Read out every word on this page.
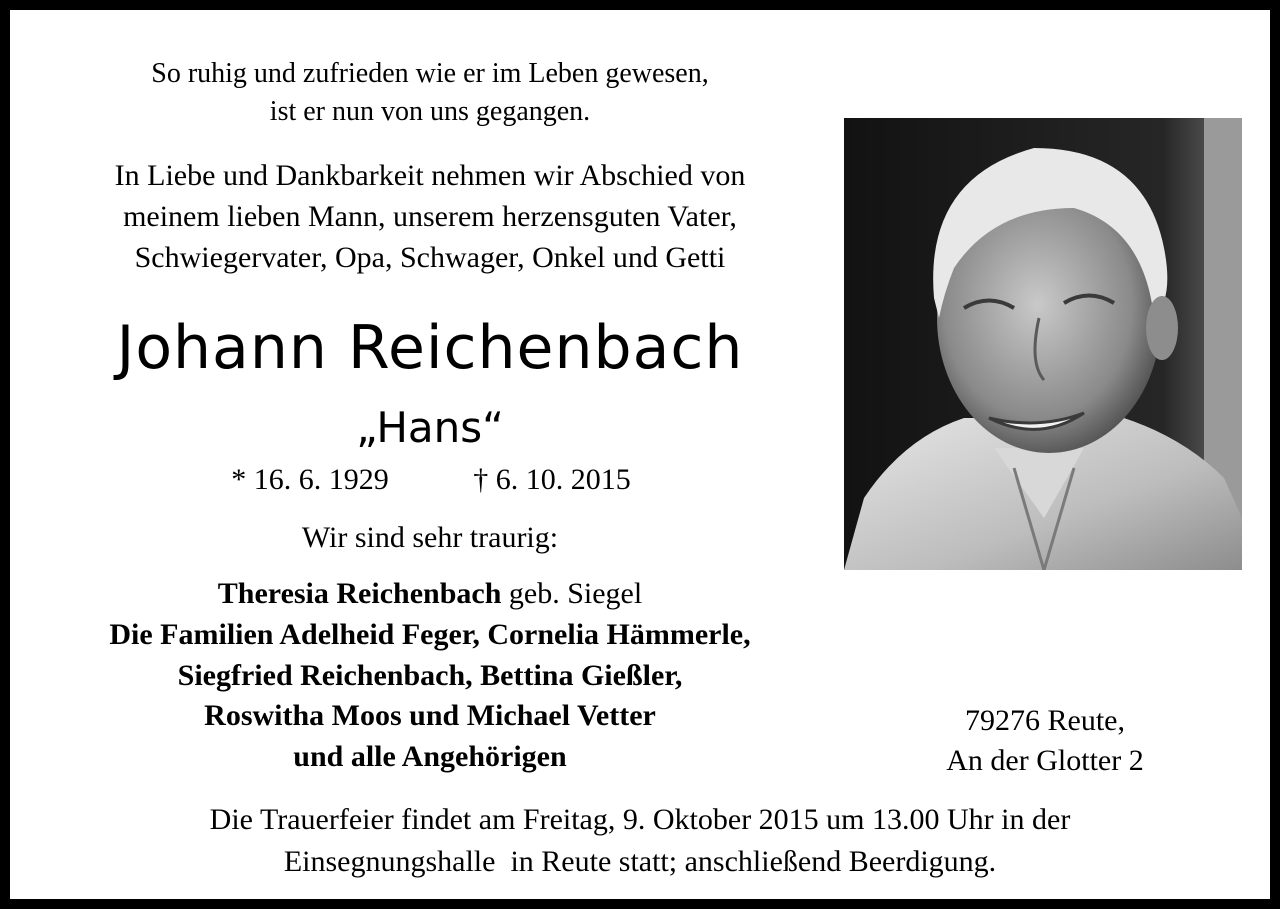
So ruhig und zufrieden wie er im Leben gewesen,
ist er nun von uns gegangen.
In Liebe und Dankbarkeit nehmen wir Abschied von
meinem lieben Mann, unserem herzensguten Vater,
Schwiegervater, Opa, Schwager, Onkel und Getti
Johann Reichenbach
„Hans“
* 16. 6. 1929	† 6. 10. 2015
Wir sind sehr traurig:
Theresia Reichenbach geb. Siegel
Die Familien Adelheid Feger, Cornelia Hämmerle,
Siegfried Reichenbach, Bettina Gießler,
Roswitha Moos und Michael Vetter
und alle Angehörigen
79276 Reute,
An der Glotter 2
Die Trauerfeier findet am Freitag, 9. Oktober 2015 um 13.00 Uhr in der
Einsegnungshalle  in Reute statt; anschließend Beerdigung.
